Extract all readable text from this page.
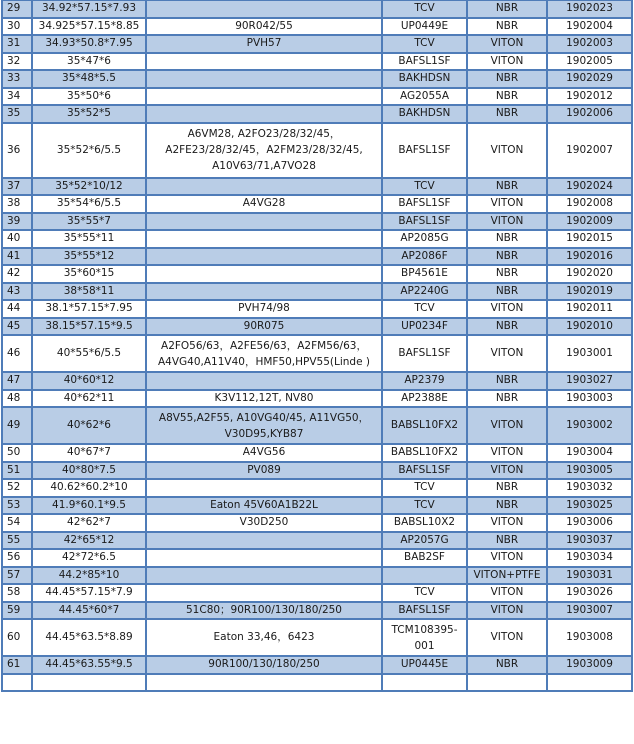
29	34.92*57.15*7.93		TCV	NBR	1902023
30	34.925*57.15*8.85	90R042/55	UP0449E	NBR	1902004
31	34.93*50.8*7.95	PVH57	TCV	VITON	1902003
32	35*47*6		BAFSL1SF	VITON	1902005
33	35*48*5.5		BAKHDSN	NBR	1902029
34	35*50*6		AG2055A	NBR	1902012
35	35*52*5		BAKHDSN	NBR	1902006
36	35*52*6/5.5	A6VM28, A2FO23/28/32/45，A2FE23/28/32/45，A2FM23/28/32/45, A10V63/71,A7VO28	BAFSL1SF	VITON	1902007
37	35*52*10/12		TCV	NBR	1902024
38	35*54*6/5.5	A4VG28	BAFSL1SF	VITON	1902008
39	35*55*7		BAFSL1SF	VITON	1902009
40	35*55*11		AP2085G	NBR	1902015
41	35*55*12		AP2086F	NBR	1902016
42	35*60*15		BP4561E	NBR	1902020
43	38*58*11		AP2240G	NBR	1902019
44	38.1*57.15*7.95	PVH74/98	TCV	VITON	1902011
45	38.15*57.15*9.5	90R075	UP0234F	NBR	1902010
46	40*55*6/5.5	A2FO56/63，A2FE56/63，A2FM56/63，A4VG40,A11V40，HMF50,HPV55(Linde )	BAFSL1SF	VITON	1903001
47	40*60*12		AP2379	NBR	1903027
48	40*62*11	K3V112,12T, NV80	AP2388E	NBR	1903003
49	40*62*6	A8V55,A2F55, A10VG40/45, A11VG50，V30D95,KYB87	BABSL10FX2	VITON	1903002
50	40*67*7	A4VG56	BABSL10FX2	VITON	1903004
51	40*80*7.5	PV089	BAFSL1SF	VITON	1903005
52	40.62*60.2*10		TCV	NBR	1903032
53	41.9*60.1*9.5	Eaton 45V60A1B22L	TCV	NBR	1903025
54	42*62*7	V30D250	BABSL10X2	VITON	1903006
55	42*65*12		AP2057G	NBR	1903037
56	42*72*6.5		BAB2SF	VITON	1903034
57	44.2*85*10			VITON+PTFE	1903031
58	44.45*57.15*7.9		TCV	VITON	1903026
59	44.45*60*7	51C80；90R100/130/180/250	BAFSL1SF	VITON	1903007
60	44.45*63.5*8.89	Eaton 33,46，6423	TCM108395-001	VITON	1903008
61	44.45*63.55*9.5	90R100/130/180/250	UP0445E	NBR	1903009
